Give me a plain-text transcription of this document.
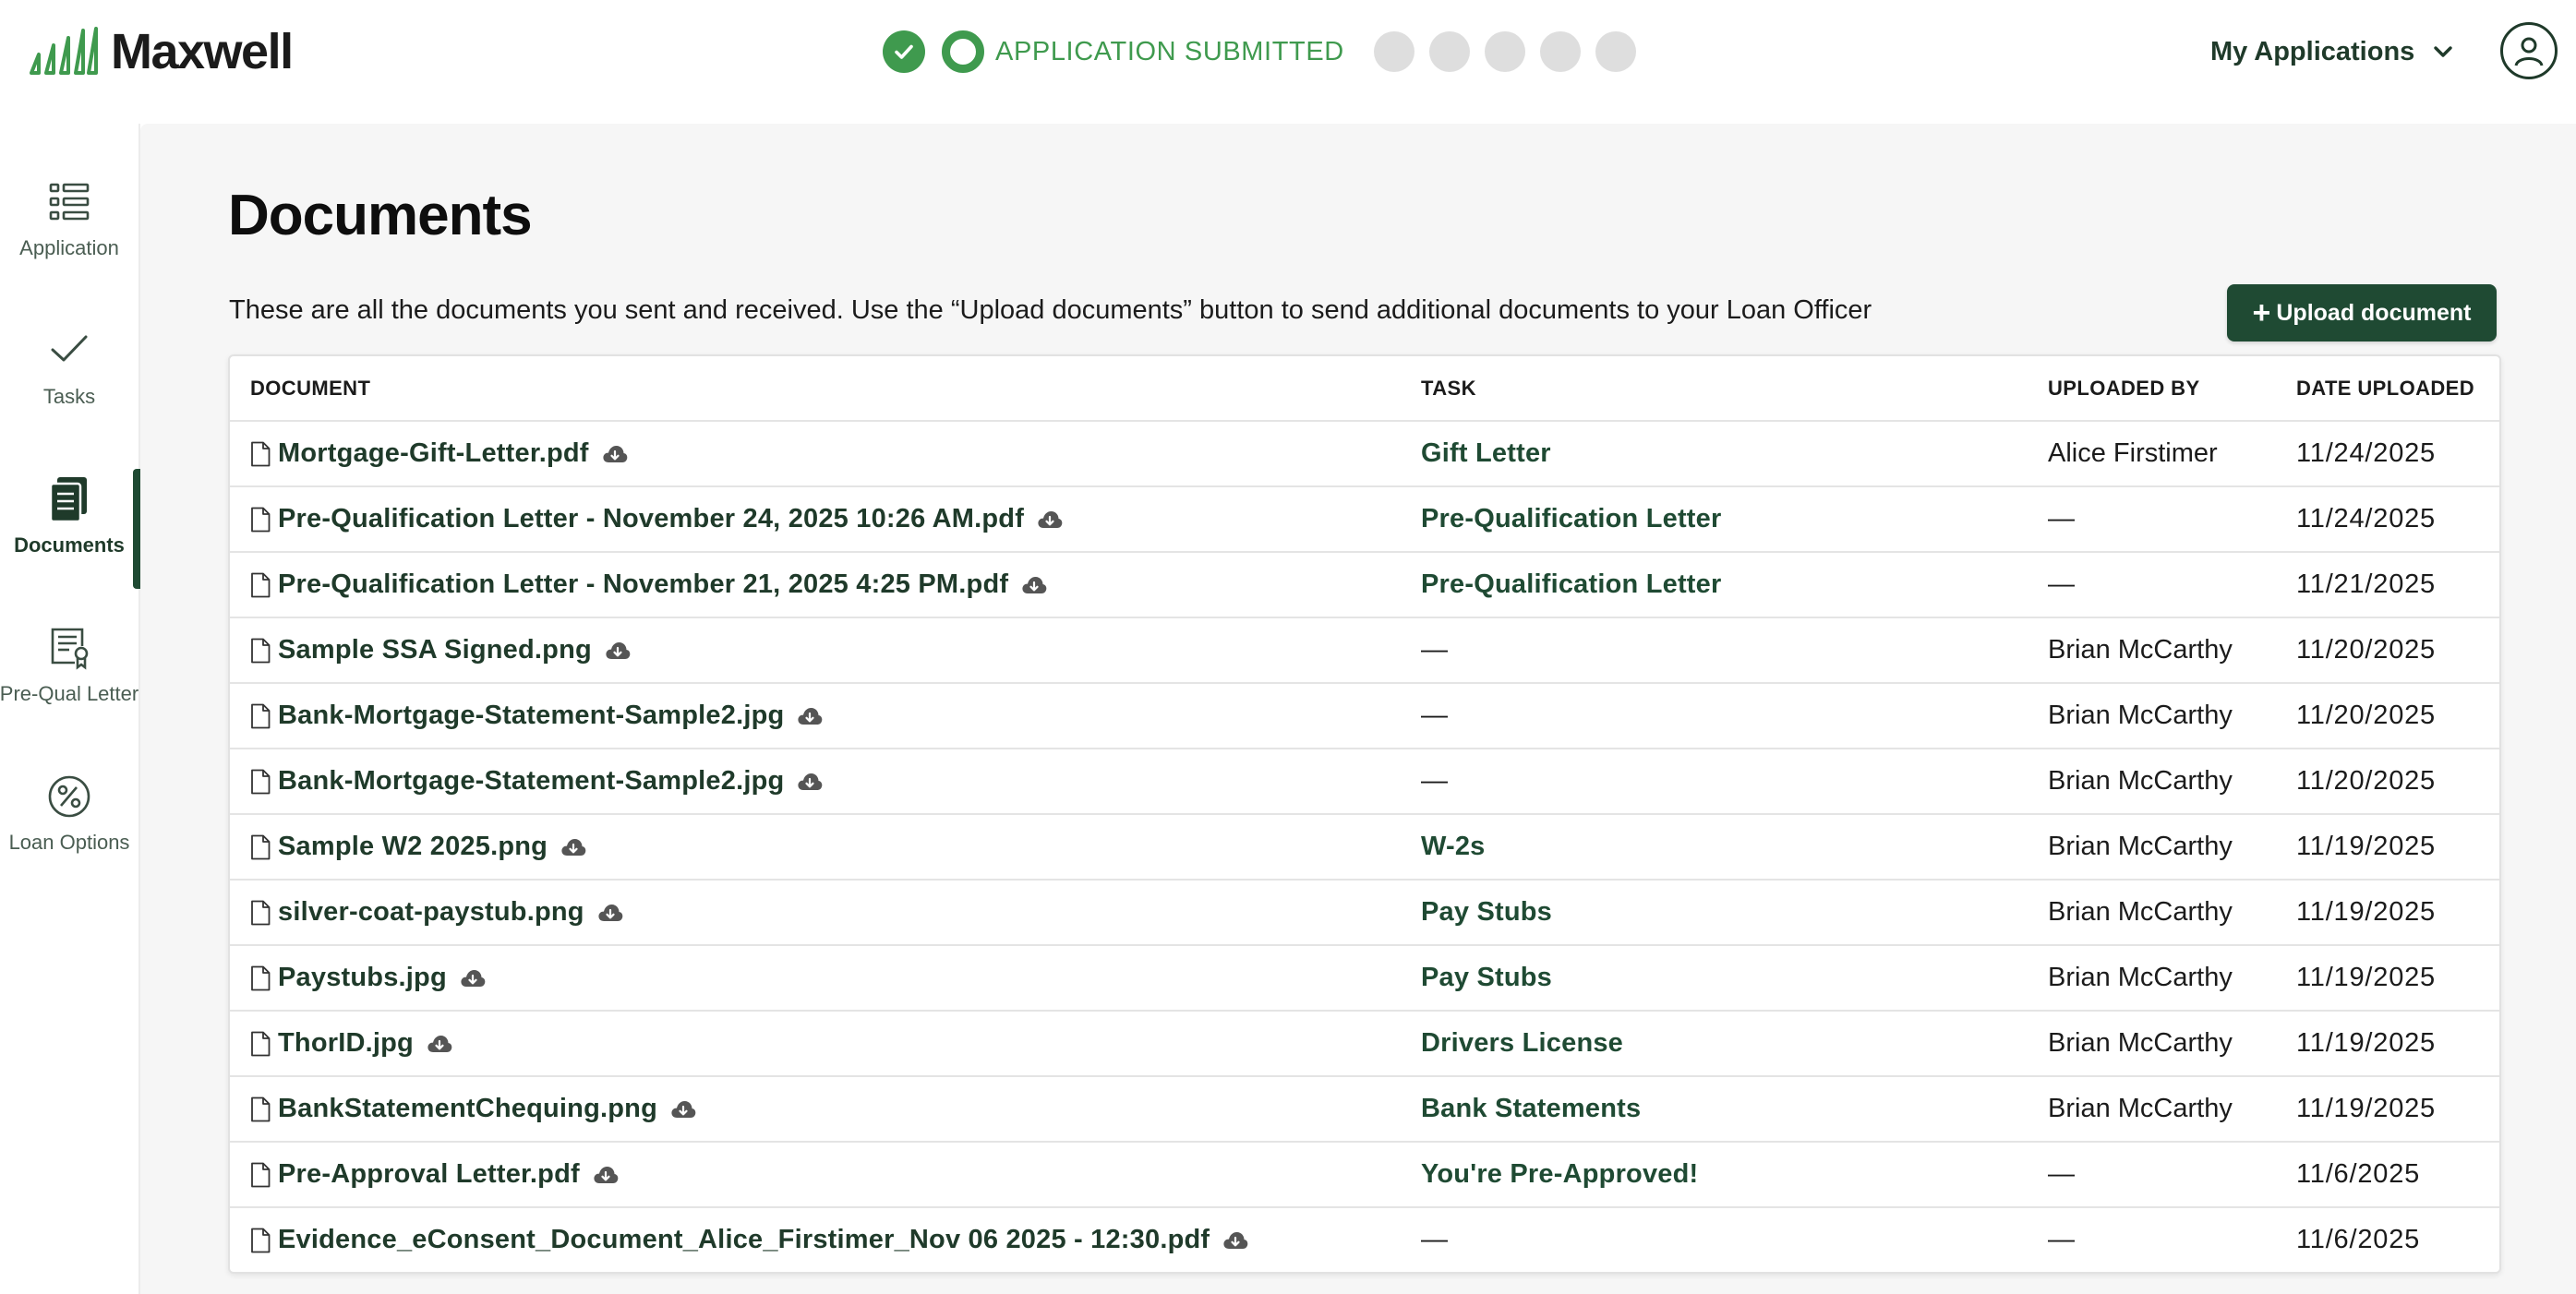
Maxwell	APPLICATION SUBMITTED	My Applications
Application
Tasks
Documents
Pre-Qual Letter
Loan Options
Documents
These are all the documents you sent and received. Use the “Upload documents” button to send additional documents to your Loan Officer	+ Upload document
DOCUMENT	TASK	UPLOADED BY	DATE UPLOADED
Mortgage-Gift-Letter.pdf	Gift Letter	Alice Firstimer	11/24/2025
Pre-Qualification Letter - November 24, 2025 10:26 AM.pdf	Pre-Qualification Letter	—	11/24/2025
Pre-Qualification Letter - November 21, 2025 4:25 PM.pdf	Pre-Qualification Letter	—	11/21/2025
Sample SSA Signed.png	—	Brian McCarthy 11/20/2025
Bank-Mortgage-Statement-Sample2.jpg	—	Brian McCarthy 11/20/2025
Bank-Mortgage-Statement-Sample2.jpg	—	Brian McCarthy 11/20/2025
Sample W2 2025.png	W-2s	Brian McCarthy 11/19/2025
silver-coat-paystub.png	Pay Stubs	Brian McCarthy 11/19/2025
Paystubs.jpg	Pay Stubs	Brian McCarthy 11/19/2025
ThorID.jpg	Drivers License	Brian McCarthy 11/19/2025
BankStatementChequing.png	Bank Statements	Brian McCarthy 11/19/2025
Pre-Approval Letter.pdf	You're Pre-Approved!	—	11/6/2025
Evidence_eConsent_Document_Alice_Firstimer_Nov 06 2025 - 12:30.pdf	—	—	11/6/2025
